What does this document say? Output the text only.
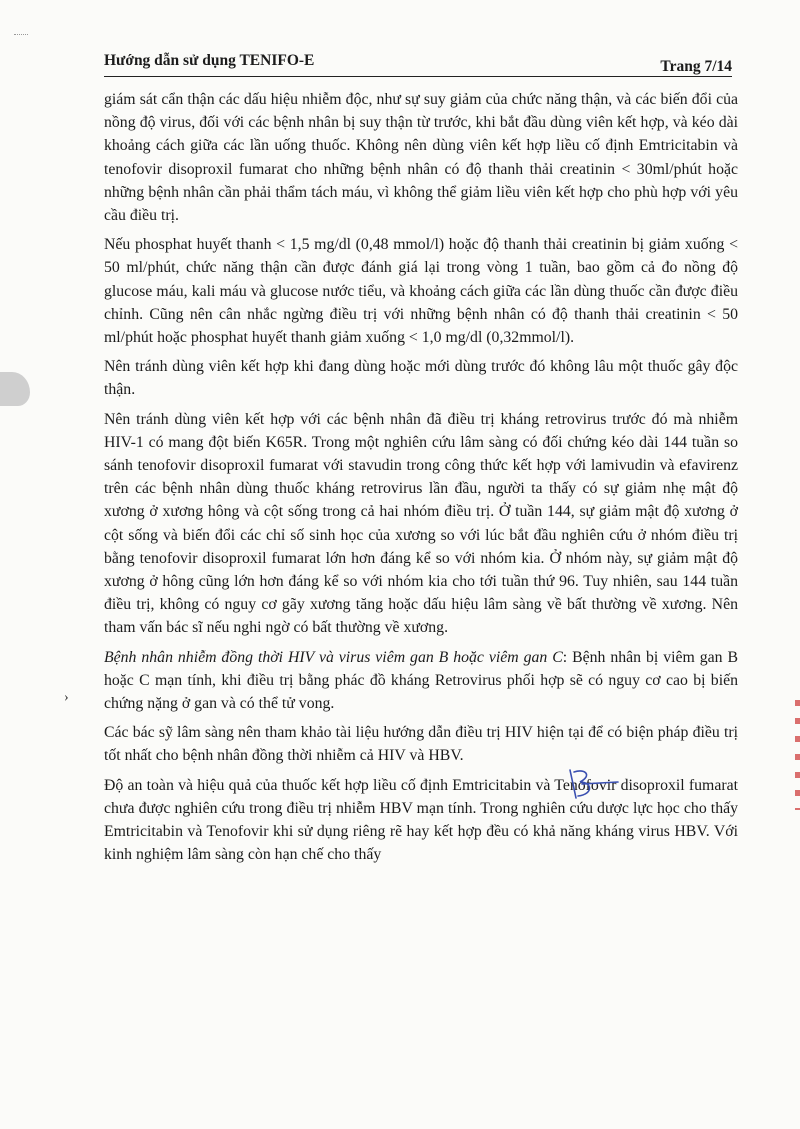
›
Hướng dẫn sử dụng TENIFO-E	Trang 7/14

giám sát cẩn thận các dấu hiệu nhiễm độc, như sự suy giảm của chức năng thận, và các biến đổi của nồng độ virus, đối với các bệnh nhân bị suy thận từ trước, khi bắt đầu dùng viên kết hợp, và kéo dài khoảng cách giữa các lần uống thuốc. Không nên dùng viên kết hợp liều cố định Emtricitabin và tenofovir disoproxil fumarat cho những bệnh nhân có độ thanh thải creatinin < 30ml/phút hoặc những bệnh nhân cần phải thẩm tách máu, vì không thể giảm liều viên kết hợp cho phù hợp với yêu cầu điều trị.

Nếu phosphat huyết thanh < 1,5 mg/dl (0,48 mmol/l) hoặc độ thanh thải creatinin bị giảm xuống < 50 ml/phút, chức năng thận cần được đánh giá lại trong vòng 1 tuần, bao gồm cả đo nồng độ glucose máu, kali máu và glucose nước tiểu, và khoảng cách giữa các lần dùng thuốc cần được điều chỉnh. Cũng nên cân nhắc ngừng điều trị với những bệnh nhân có độ thanh thải creatinin < 50 ml/phút hoặc phosphat huyết thanh giảm xuống < 1,0 mg/dl (0,32mmol/l).

Nên tránh dùng viên kết hợp khi đang dùng hoặc mới dùng trước đó không lâu một thuốc gây độc thận.

Nên tránh dùng viên kết hợp với các bệnh nhân đã điều trị kháng retrovirus trước đó mà nhiễm HIV-1 có mang đột biến K65R. Trong một nghiên cứu lâm sàng có đối chứng kéo dài 144 tuần so sánh tenofovir disoproxil fumarat với stavudin trong công thức kết hợp với lamivudin và efavirenz trên các bệnh nhân dùng thuốc kháng retrovirus lần đầu, người ta thấy có sự giảm nhẹ mật độ xương ở xương hông và cột sống trong cả hai nhóm điều trị. Ở tuần 144, sự giảm mật độ xương ở cột sống và biến đổi các chỉ số sinh học của xương so với lúc bắt đầu nghiên cứu ở nhóm điều trị bằng tenofovir disoproxil fumarat lớn hơn đáng kể so với nhóm kia. Ở nhóm này, sự giảm mật độ xương ở hông cũng lớn hơn đáng kể so với nhóm kia cho tới tuần thứ 96. Tuy nhiên, sau 144 tuần điều trị, không có nguy cơ gãy xương tăng hoặc dấu hiệu lâm sàng về bất thường về xương. Nên tham vấn bác sĩ nếu nghi ngờ có bất thường về xương.

Bệnh nhân nhiễm đồng thời HIV và virus viêm gan B hoặc viêm gan C: Bệnh nhân bị viêm gan B hoặc C mạn tính, khi điều trị bằng phác đồ kháng Retrovirus phối hợp sẽ có nguy cơ cao bị biến chứng nặng ở gan và có thể tử vong.

Các bác sỹ lâm sàng nên tham khảo tài liệu hướng dẫn điều trị HIV hiện tại để có biện pháp điều trị tốt nhất cho bệnh nhân đồng thời nhiễm cả HIV và HBV.

Độ an toàn và hiệu quả của thuốc kết hợp liều cố định Emtricitabin và Tenofovir disoproxil fumarat chưa được nghiên cứu trong điều trị nhiễm HBV mạn tính. Trong nghiên cứu dược lực học cho thấy Emtricitabin và Tenofovir khi sử dụng riêng rẽ hay kết hợp đều có khả năng kháng virus HBV. Với kinh nghiệm lâm sàng còn hạn chế cho thấy
